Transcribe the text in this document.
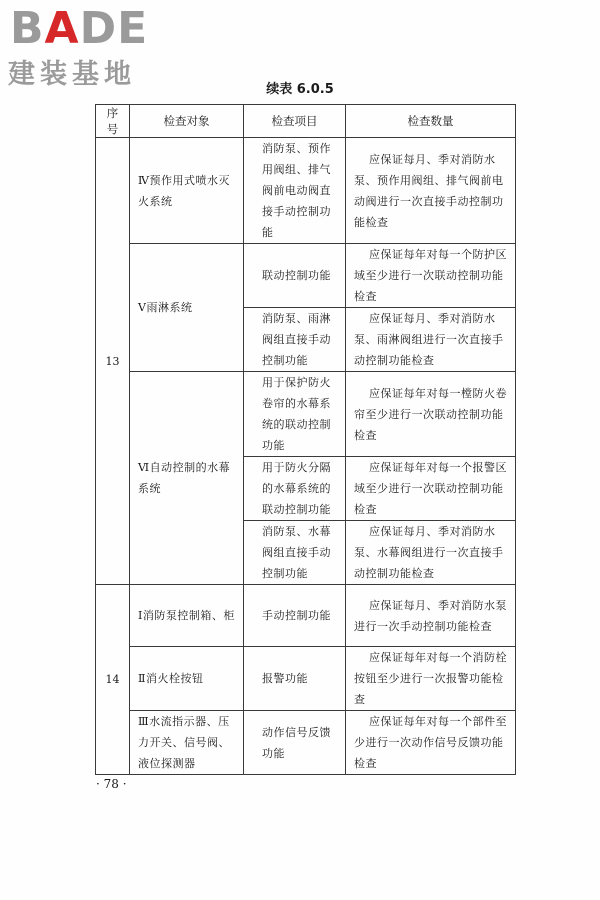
BADE
建装基地	续表 6.0.5
序号	检查对象	检查项目	检查数量
13	Ⅳ预作用式喷水灭火系统	消防泵、预作用阀组、排气阀前电动阀直接手动控制功能	应保证每月、季对消防水泵、预作用阀组、排气阀前电动阀进行一次直接手动控制功能检查

	Ⅴ雨淋系统	联动控制功能	应保证每年对每一个防护区域至少进行一次联动控制功能检查

		消防泵、雨淋阀组直接手动控制功能	应保证每月、季对消防水泵、雨淋阀组进行一次直接手动控制功能检查

	Ⅵ自动控制的水幕系统	用于保护防火卷帘的水幕系统的联动控制功能	应保证每年对每一樘防火卷帘至少进行一次联动控制功能检查

		用于防火分隔的水幕系统的联动控制功能	应保证每年对每一个报警区域至少进行一次联动控制功能检查

		消防泵、水幕阀组直接手动控制功能	应保证每月、季对消防水泵、水幕阀组进行一次直接手动控制功能检查

14	Ⅰ消防泵控制箱、柜	手动控制功能	应保证每月、季对消防水泵进行一次手动控制功能检查

	Ⅱ消火栓按钮	报警功能	应保证每年对每一个消防栓按钮至少进行一次报警功能检查

	Ⅲ水流指示器、压力开关、信号阀、液位探测器	动作信号反馈功能	应保证每年对每一个部件至少进行一次动作信号反馈功能检查
· 78 ·
